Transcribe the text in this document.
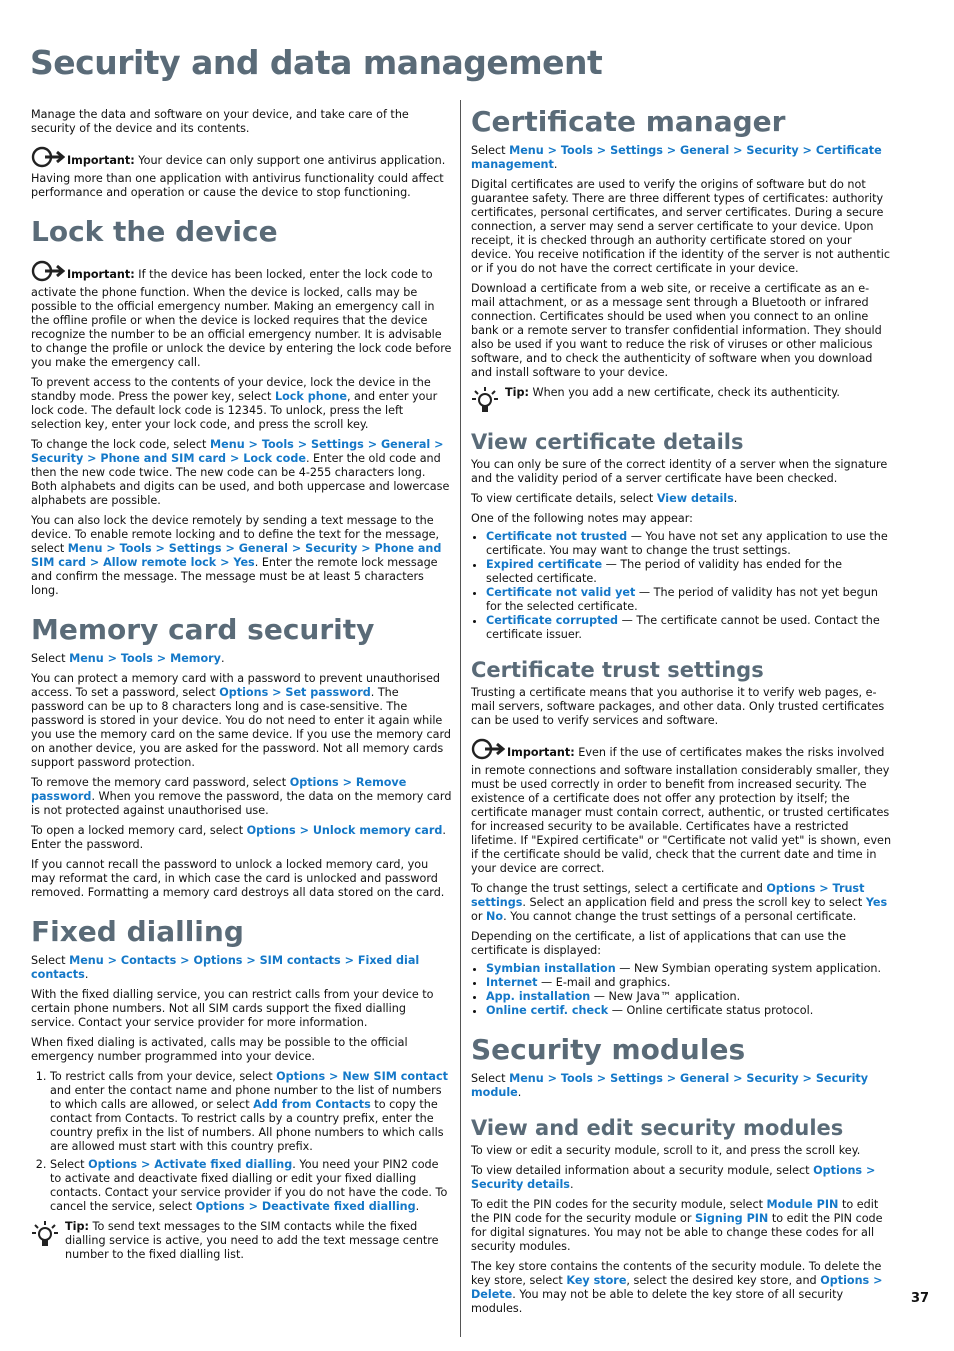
Security and data management

Manage the data and software on your device, and take care of the security of the device and its contents.

Important: Your device can only support one antivirus application. Having more than one application with antivirus functionality could affect performance and operation or cause the device to stop functioning.

Lock the device

Important: If the device has been locked, enter the lock code to activate the phone function. When the device is locked, calls may be possible to the official emergency number. Making an emergency call in the offline profile or when the device is locked requires that the device recognize the number to be an official emergency number. It is advisable to change the profile or unlock the device by entering the lock code before you make the emergency call.

To prevent access to the contents of your device, lock the device in the standby mode. Press the power key, select Lock phone, and enter your lock code. The default lock code is 12345. To unlock, press the left selection key, enter your lock code, and press the scroll key.

To change the lock code, select Menu > Tools > Settings > General > Security > Phone and SIM card > Lock code. Enter the old code and then the new code twice. The new code can be 4-255 characters long. Both alphabets and digits can be used, and both uppercase and lowercase alphabets are possible.

You can also lock the device remotely by sending a text message to the device. To enable remote locking and to define the text for the message, select Menu > Tools > Settings > General > Security > Phone and SIM card > Allow remote lock > Yes. Enter the remote lock message and confirm the message. The message must be at least 5 characters long.

Memory card security

Select Menu > Tools > Memory.

You can protect a memory card with a password to prevent unauthorised access. To set a password, select Options > Set password. The password can be up to 8 characters long and is case-sensitive. The password is stored in your device. You do not need to enter it again while you use the memory card on the same device. If you use the memory card on another device, you are asked for the password. Not all memory cards support password protection.

To remove the memory card password, select Options > Remove password. When you remove the password, the data on the memory card is not protected against unauthorised use.

To open a locked memory card, select Options > Unlock memory card. Enter the password.

If you cannot recall the password to unlock a locked memory card, you may reformat the card, in which case the card is unlocked and password removed. Formatting a memory card destroys all data stored on the card.

Fixed dialling

Select Menu > Contacts > Options > SIM contacts > Fixed dial contacts.

With the fixed dialling service, you can restrict calls from your device to certain phone numbers. Not all SIM cards support the fixed dialling service. Contact your service provider for more information.

When fixed dialing is activated, calls may be possible to the official emergency number programmed into your device.

1. To restrict calls from your device, select Options > New SIM contact and enter the contact name and phone number to the list of numbers to which calls are allowed, or select Add from Contacts to copy the contact from Contacts. To restrict calls by a country prefix, enter the country prefix in the list of numbers. All phone numbers to which calls are allowed must start with this country prefix.
2. Select Options > Activate fixed dialling. You need your PIN2 code to activate and deactivate fixed dialling or edit your fixed dialling contacts. Contact your service provider if you do not have the code. To cancel the service, select Options > Deactivate fixed dialling.
Tip: To send text messages to the SIM contacts while the fixed dialling service is active, you need to add the text message centre number to the fixed dialling list.
Certificate manager

Select Menu > Tools > Settings > General > Security > Certificate management.

Digital certificates are used to verify the origins of software but do not guarantee safety. There are three different types of certificates: authority certificates, personal certificates, and server certificates. During a secure connection, a server may send a server certificate to your device. Upon receipt, it is checked through an authority certificate stored on your device. You receive notification if the identity of the server is not authentic or if you do not have the correct certificate in your device.

Download a certificate from a web site, or receive a certificate as an e-mail attachment, or as a message sent through a Bluetooth or infrared connection. Certificates should be used when you connect to an online bank or a remote server to transfer confidential information. They should also be used if you want to reduce the risk of viruses or other malicious software, and to check the authenticity of software when you download and install software to your device.

Tip: When you add a new certificate, check its authenticity.
View certificate details

You can only be sure of the correct identity of a server when the signature and the validity period of a server certificate have been checked.

To view certificate details, select View details.

One of the following notes may appear:

• Certificate not trusted — You have not set any application to use the certificate. You may want to change the trust settings.
• Expired certificate — The period of validity has ended for the selected certificate.
• Certificate not valid yet — The period of validity has not yet begun for the selected certificate.
• Certificate corrupted — The certificate cannot be used. Contact the certificate issuer.
Certificate trust settings

Trusting a certificate means that you authorise it to verify web pages, e-mail servers, software packages, and other data. Only trusted certificates can be used to verify services and software.

Important: Even if the use of certificates makes the risks involved in remote connections and software installation considerably smaller, they must be used correctly in order to benefit from increased security. The existence of a certificate does not offer any protection by itself; the certificate manager must contain correct, authentic, or trusted certificates for increased security to be available. Certificates have a restricted lifetime. If "Expired certificate" or "Certificate not valid yet" is shown, even if the certificate should be valid, check that the current date and time in your device are correct.

To change the trust settings, select a certificate and Options > Trust settings. Select an application field and press the scroll key to select Yes or No. You cannot change the trust settings of a personal certificate.

Depending on the certificate, a list of applications that can use the certificate is displayed:

• Symbian installation — New Symbian operating system application.
• Internet — E-mail and graphics.
• App. installation — New Java™ application.
• Online certif. check — Online certificate status protocol.
Security modules

Select Menu > Tools > Settings > General > Security > Security module.

View and edit security modules

To view or edit a security module, scroll to it, and press the scroll key.

To view detailed information about a security module, select Options > Security details.

To edit the PIN codes for the security module, select Module PIN to edit the PIN code for the security module or Signing PIN to edit the PIN code for digital signatures. You may not be able to change these codes for all security modules.

The key store contains the contents of the security module. To delete the key store, select Key store, select the desired key store, and Options > Delete. You may not be able to delete the key store of all security modules.

37
